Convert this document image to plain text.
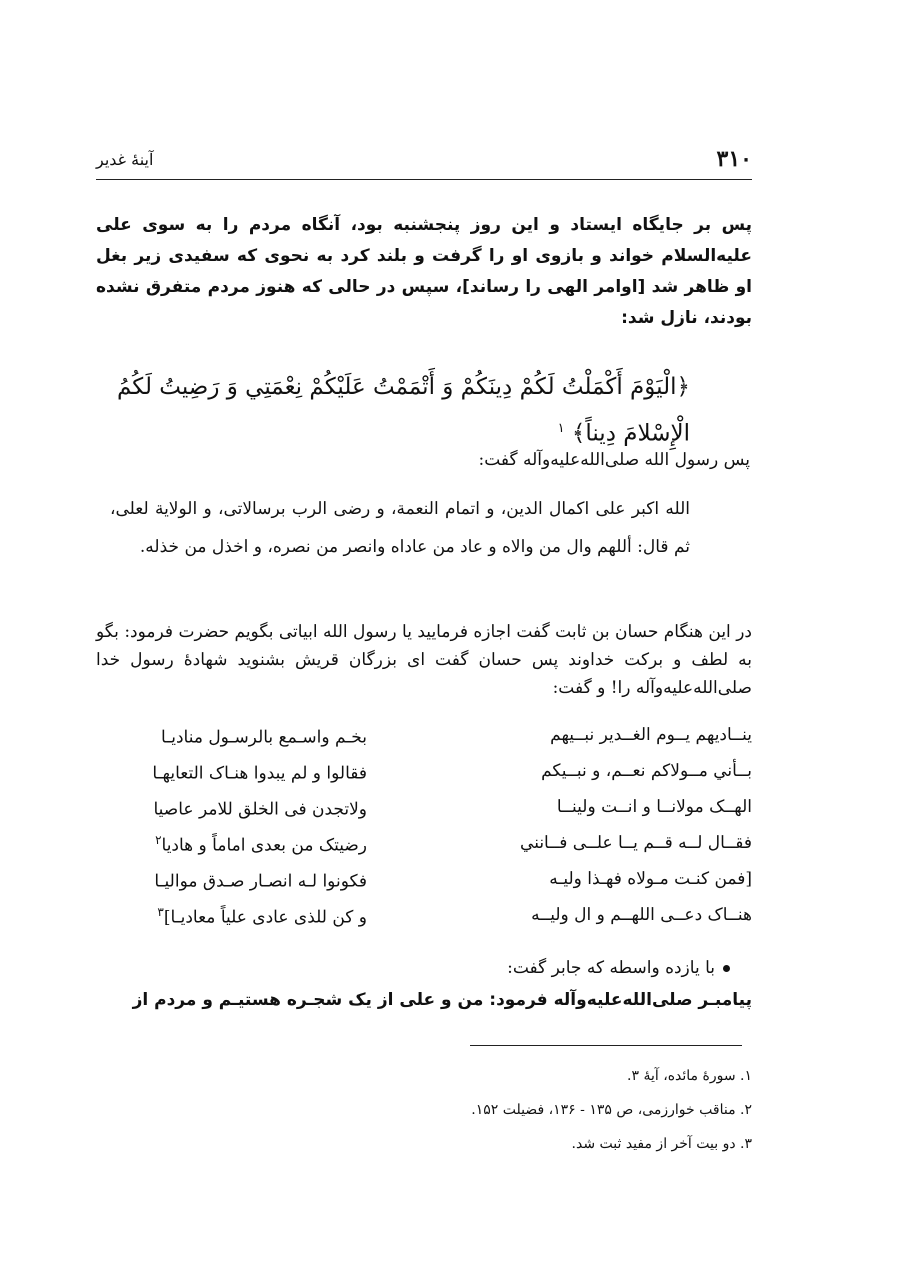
۳۱۰
آینۀ غدیر

پس بر جایگاه ایستاد و این روز پنجشنبه بود، آنگاه مردم را به سوی علی علیه‌السلام خواند و بازوی او را گرفت و بلند کرد به نحوی که سفیدی زیر بغل او ظاهر شد [اوامر الهی را رساند]، سپس در حالی که هنوز مردم متفرق نشده بودند، نازل شد:

﴿الْيَوْمَ أَكْمَلْتُ لَكُمْ دِينَكُمْ وَ أَتْمَمْتُ عَلَيْكُمْ نِعْمَتِي وَ رَضِيتُ لَكُمُ الْإِسْلامَ دِيناً﴾ $^۱$
پس رسول الله صلی‌الله‌علیه‌وآله گفت:

الله اکبر علی اکمال الدین، و اتمام النعمة، و رضی الرب برسالاتی، و الولایة لعلی، ثم قال: أللهم وال من والاه و عاد من عاداه وانصر من نصره، و اخذل من خذله.

در این هنگام حسان بن ثابت گفت اجازه فرمایید یا رسول الله ابیاتی بگویم حضرت فرمود: بگو به لطف و برکت خداوند پس حسان گفت ای بزرگان قریش بشنوید شهادۀ رسول خدا صلی‌الله‌علیه‌وآله را! و گفت:

ينــاديهم يــوم الغــدير نبــيهم
بخـم واسـمع بالرسـول مناديـا
بــأني مــولاكم نعــم، و نبــيكم
فقالوا و لم يبدوا هنـاک التعايهـا
الهــک مولانــا و انــت ولينــا
ولاتجدن فی الخلق للامر عاصيا
فقــال لــه قــم يــا علــی فــانني
رضيتک من بعدی اماماً و هاديا$^۲$
[فمن كنـت مـولاه فهـذا وليـه
فكونوا لـه انصـار صـدق مواليـا
هنــاک دعــی اللهــم و ال وليــه
و کن للذی عادی علياً معاديـا]$^۳$
با یازده واسطه که جابر گفت:
پیامبـر صلی‌الله‌علیه‌وآله فرمود: من و علی از یک شجـره هستیـم و مردم از
۱. سورۀ مائده، آیۀ ۳.
۲. مناقب خوارزمی، ص ۱۳۵ - ۱۳۶، فضیلت ۱۵۲.
۳. دو بیت آخر از مفید ثبت شد.
